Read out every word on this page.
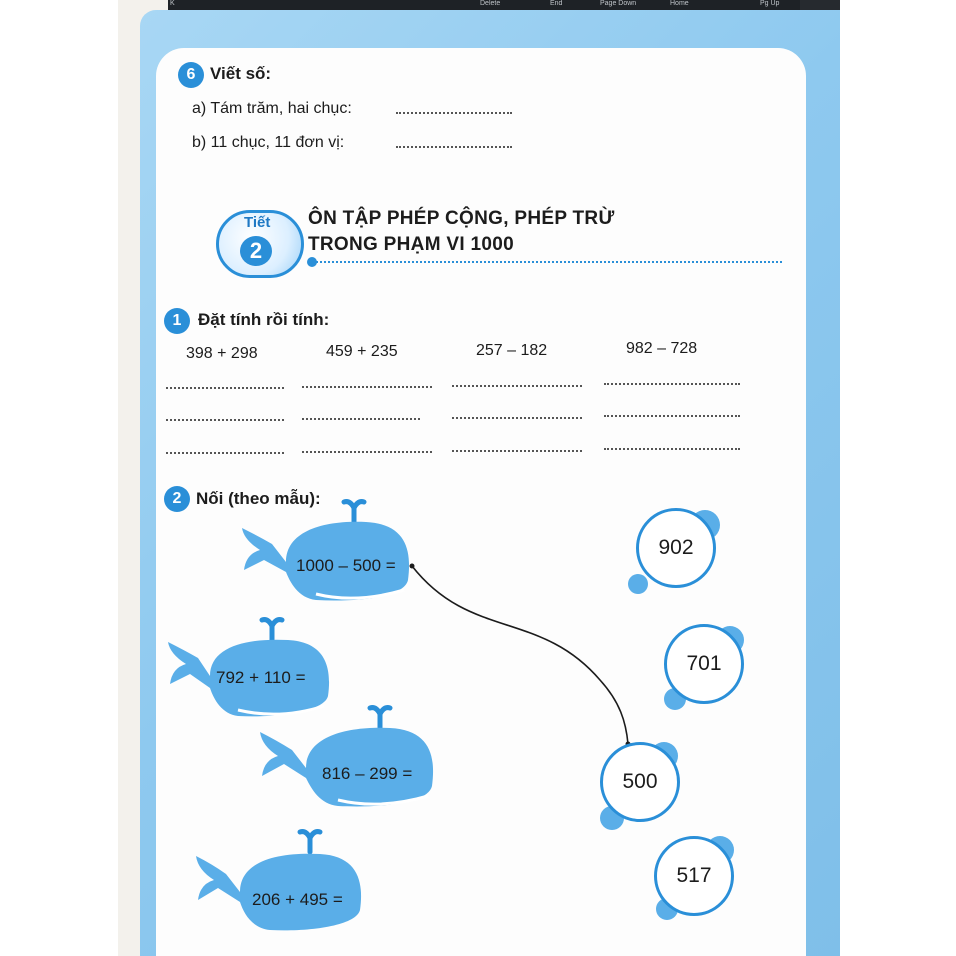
K	Delete	End	Page Down	Home	Pg Up
6 Viết số:
a) Tám trăm, hai chục:
b) 11 chục, 11 đơn vị:
Tiết
2
ÔN TẬP PHÉP CỘNG, PHÉP TRỪ
TRONG PHẠM VI 1000
1 Đặt tính rồi tính:
398 + 298	459 + 235	257 – 182	982 – 728
2 Nối (theo mẫu):
1000 – 500 =
792 + 110 =
816 – 299 =
206 + 495 =
902
701
500
517
